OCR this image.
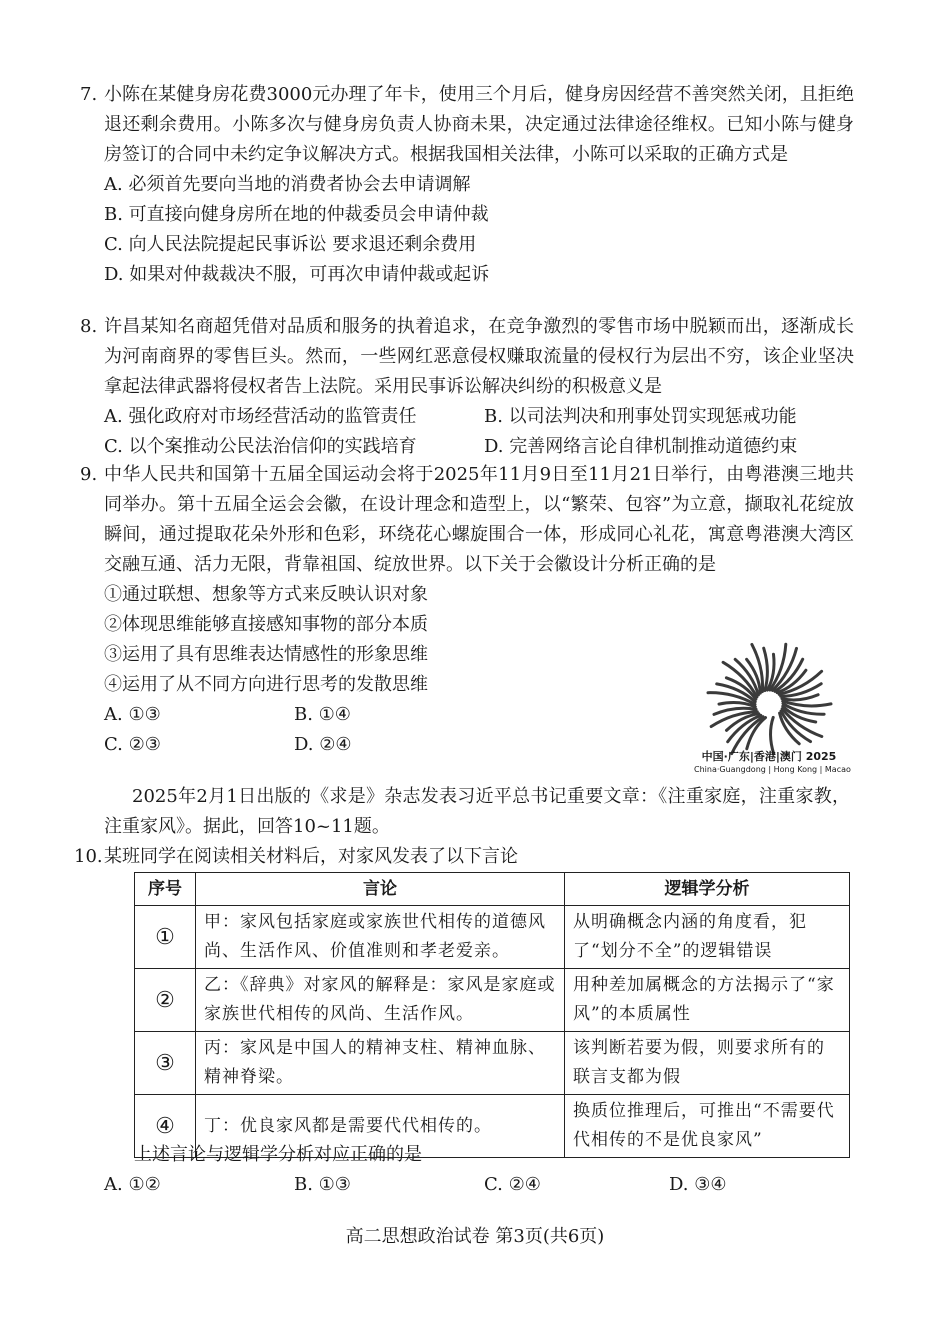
7. 小陈在某健身房花费3000元办理了年卡，使用三个月后，健身房因经营不善突然关闭，且拒绝退还剩余费用。小陈多次与健身房负责人协商未果，决定通过法律途径维权。已知小陈与健身房签订的合同中未约定争议解决方式。根据我国相关法律，小陈可以采取的正确方式是
A. 必须首先要向当地的消费者协会去申请调解
B. 可直接向健身房所在地的仲裁委员会申请仲裁
C. 向人民法院提起民事诉讼 要求退还剩余费用
D. 如果对仲裁裁决不服，可再次申请仲裁或起诉
8. 许昌某知名商超凭借对品质和服务的执着追求，在竞争激烈的零售市场中脱颖而出，逐渐成长为河南商界的零售巨头。然而，一些网红恶意侵权赚取流量的侵权行为层出不穷，该企业坚决拿起法律武器将侵权者告上法院。采用民事诉讼解决纠纷的积极意义是
A. 强化政府对市场经营活动的监管责任	B. 以司法判决和刑事处罚实现惩戒功能
C. 以个案推动公民法治信仰的实践培育	D. 完善网络言论自律机制推动道德约束
9. 中华人民共和国第十五届全国运动会将于2025年11月9日至11月21日举行，由粤港澳三地共同举办。第十五届全运会会徽，在设计理念和造型上，以“繁荣、包容”为立意，撷取礼花绽放瞬间，通过提取花朵外形和色彩，环绕花心螺旋围合一体，形成同心礼花，寓意粤港澳大湾区交融互通、活力无限，背靠祖国、绽放世界。以下关于会徽设计分析正确的是
①通过联想、想象等方式来反映认识对象
②体现思维能够直接感知事物的部分本质
③运用了具有思维表达情感性的形象思维
④运用了从不同方向进行思考的发散思维
A. ①③	B. ①④
C. ②③	D. ②④
中国·广东|香港|澳门 2025
China·Guangdong | Hong Kong | Macao
2025年2月1日出版的《求是》杂志发表习近平总书记重要文章：《注重家庭，注重家教，注重家风》。据此，回答10~11题。
10. 某班同学在阅读相关材料后，对家风发表了以下言论
序号	言论	逻辑学分析
①	甲：家风包括家庭或家族世代相传的道德风尚、生活作风、价值准则和孝老爱亲。	从明确概念内涵的角度看，犯了“划分不全”的逻辑错误
②	乙：《辞典》对家风的解释是：家风是家庭或家族世代相传的风尚、生活作风。	用种差加属概念的方法揭示了“家风”的本质属性
③	丙：家风是中国人的精神支柱、精神血脉、精神脊梁。	该判断若要为假，则要求所有的联言支都为假
④	丁：优良家风都是需要代代相传的。	换质位推理后，可推出“不需要代代相传的不是优良家风”
上述言论与逻辑学分析对应正确的是
A. ①②	B. ①③	C. ②④	D. ③④
高二思想政治试卷 第3页(共6页)
